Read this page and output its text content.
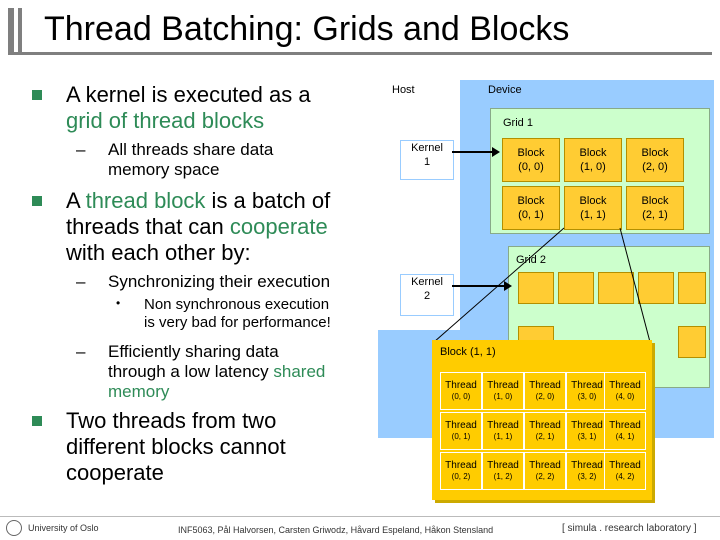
Thread Batching: Grids and Blocks
A kernel is executed as a
grid of thread blocks
– All threads share data
memory space
A thread block is a batch of
threads that can cooperate
with each other by:
– Synchronizing their execution
• Non synchronous execution
is very bad for performance!
– Efficiently sharing data
through a low latency shared
memory
Two threads from two
different blocks cannot
cooperate
Host	Device
Grid 1
Kernel
1
Block
(0, 0)
Block
(1, 0)
Block
(2, 0)
Block
(0, 1)
Block
(1, 1)
Block
(2, 1)
Grid 2
Kernel
2
Block (1, 1)
Thread
(0, 0)
Thread
(1, 0)
Thread
(2, 0)
Thread
(3, 0)
Thread
(4, 0)
Thread
(0, 1)
Thread
(1, 1)
Thread
(2, 1)
Thread
(3, 1)
Thread
(4, 1)
Thread
(0, 2)
Thread
(1, 2)
Thread
(2, 2)
Thread
(3, 2)
Thread
(4, 2)
University of Oslo	INF5063, Pål Halvorsen, Carsten Griwodz, Håvard Espeland, Håkon Stensland	[ simula . research laboratory ]
